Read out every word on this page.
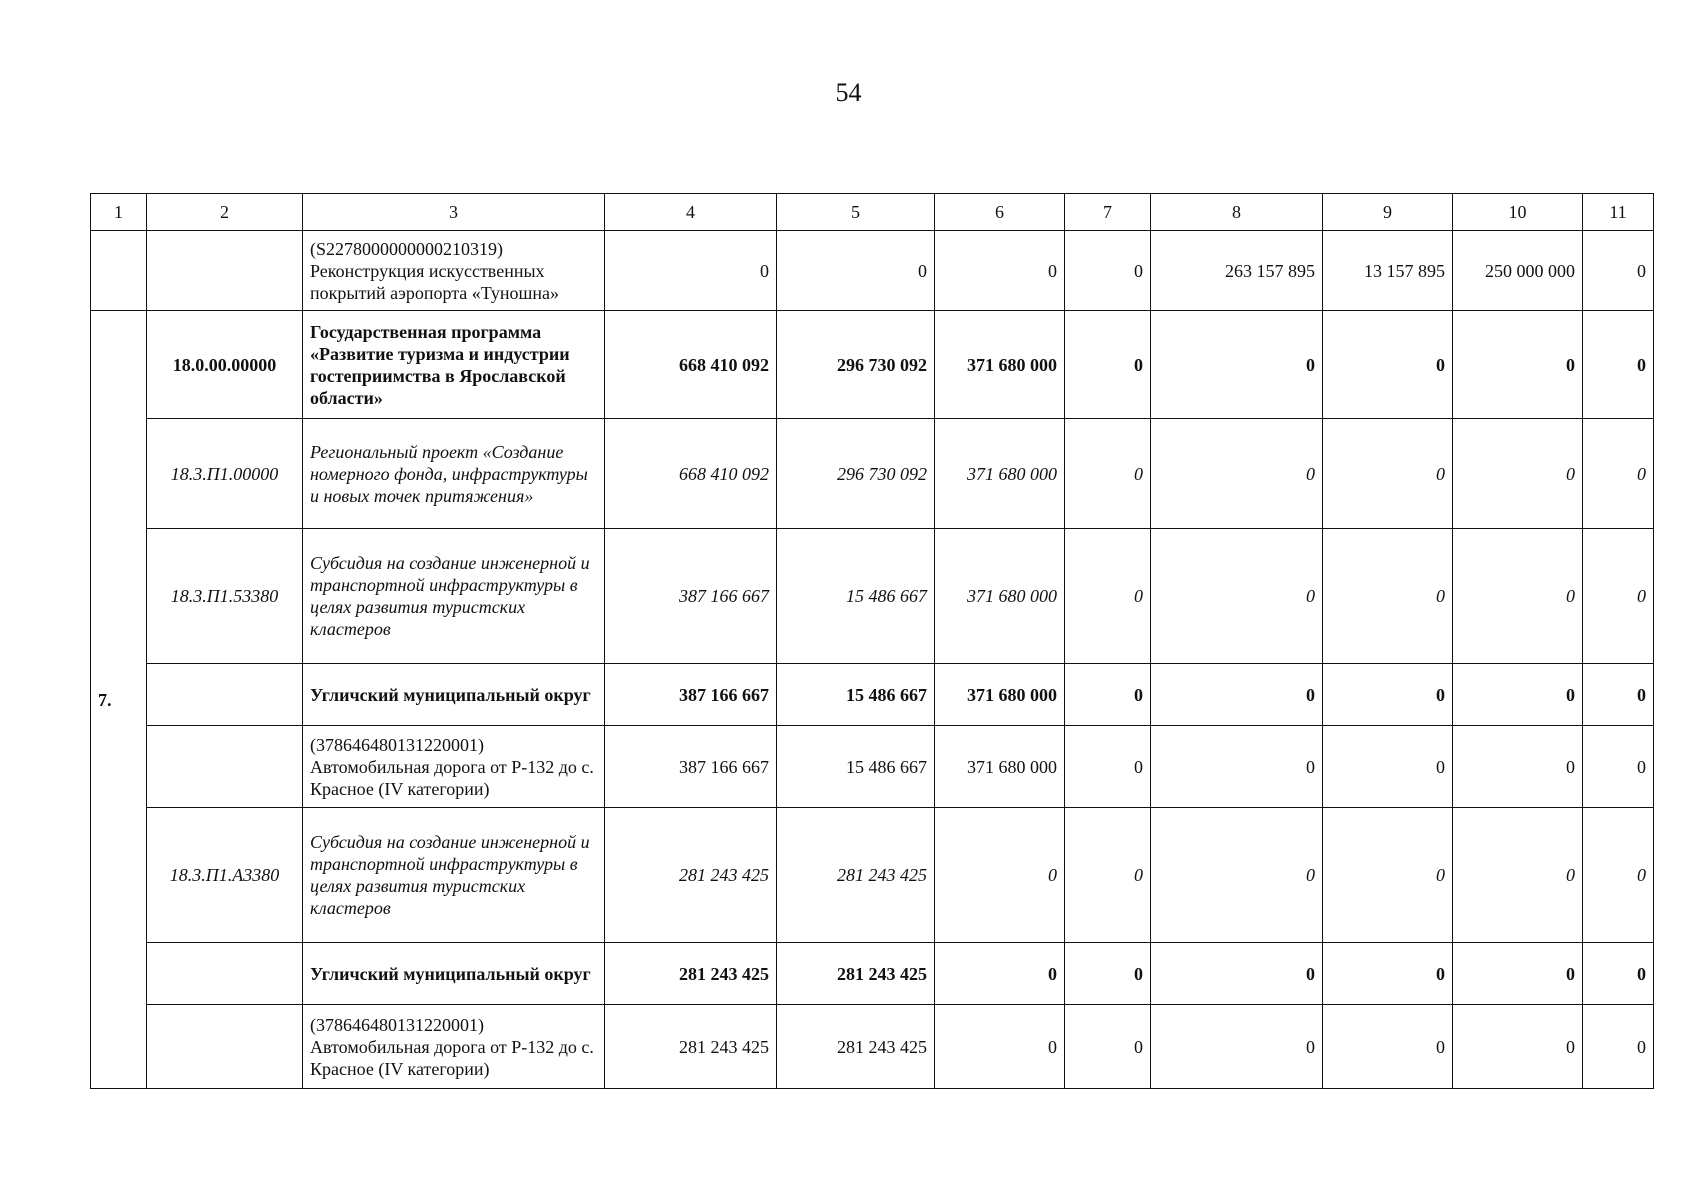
54
1	2	3	4	5	6	7	8	9	10	11
		(S22780000000002103​19) Реконструкция искусственных покрытий аэропорта «Туношна»	0	0	0	0	263 157 895	13 157 895	250 000 000	0
7.	18.0.00.00000	Государственная программа «Развитие туризма и индустрии гостеприимства в Ярославской области»	668 410 092	296 730 092	371 680 000	0	0	0	0	0
	18.3.П1.00000	Региональный проект «Создание номерного фонда, инфраструктуры и новых точек притяжения»	668 410 092	296 730 092	371 680 000	0	0	0	0	0
	18.3.П1.53380	Субсидия на создание инженерной и транспортной инфраструктуры в целях развития туристских кластеров	387 166 667	15 486 667	371 680 000	0	0	0	0	0
		Угличский муниципальный округ	387 166 667	15 486 667	371 680 000	0	0	0	0	0
		(378646480131220001) Автомобильная дорога от Р-132 до с. Красное (IV категории)	387 166 667	15 486 667	371 680 000	0	0	0	0	0
	18.3.П1.А3380	Субсидия на создание инженерной и транспортной инфраструктуры в целях развития туристских кластеров	281 243 425	281 243 425	0	0	0	0	0	0
		Угличский муниципальный округ	281 243 425	281 243 425	0	0	0	0	0	0
		(378646480131220001) Автомобильная дорога от Р-132 до с. Красное (IV категории)	281 243 425	281 243 425	0	0	0	0	0	0
